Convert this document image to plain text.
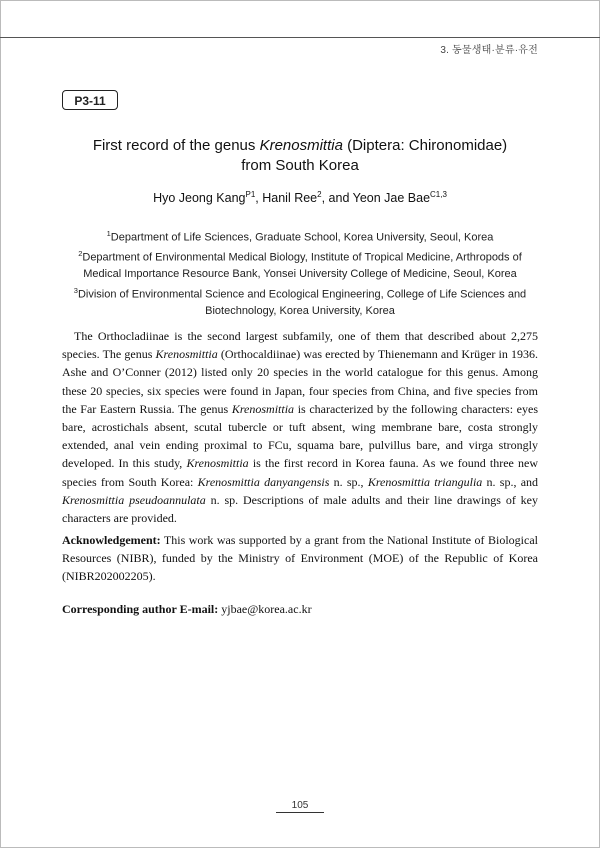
3. 동물생태·분류·유전
P3-11
First record of the genus Krenosmittia (Diptera: Chironomidae)
from South Korea
Hyo Jeong Kang$^{P1}$, Hanil Ree$^2$, and Yeon Jae Bae$^{C1,3}$
$^1$Department of Life Sciences, Graduate School, Korea University, Seoul, Korea
$^2$Department of Environmental Medical Biology, Institute of Tropical Medicine, Arthropods of Medical Importance Resource Bank, Yonsei University College of Medicine, Seoul, Korea
$^3$Division of Environmental Science and Ecological Engineering, College of Life Sciences and Biotechnology, Korea University, Korea
The Orthocladiinae is the second largest subfamily, one of them that described about 2,275 species. The genus Krenosmittia (Orthocaldiinae) was erected by Thienemann and Krüger in 1936. Ashe and O’Conner (2012) listed only 20 species in the world catalogue for this genus. Among these 20 species, six species were found in Japan, four species from China, and five species from the Far Eastern Russia. The genus Krenosmittia is characterized by the following characters: eyes bare, acrostichals absent, scutal tubercle or tuft absent, wing membrane bare, costa strongly extended, anal vein ending proximal to FCu, squama bare, pulvillus bare, and virga strongly developed. In this study, Krenosmittia is the first record in Korea fauna. As we found three new species from South Korea: Krenosmittia danyangensis n. sp., Krenosmittia triangulia n. sp., and Krenosmittia pseudoannulata n. sp. Descriptions of male adults and their line drawings of key characters are provided.
Acknowledgement: This work was supported by a grant from the National Institute of Biological Resources (NIBR), funded by the Ministry of Environment (MOE) of the Republic of Korea (NIBR202002205).
Corresponding author E-mail: yjbae@korea.ac.kr
105
